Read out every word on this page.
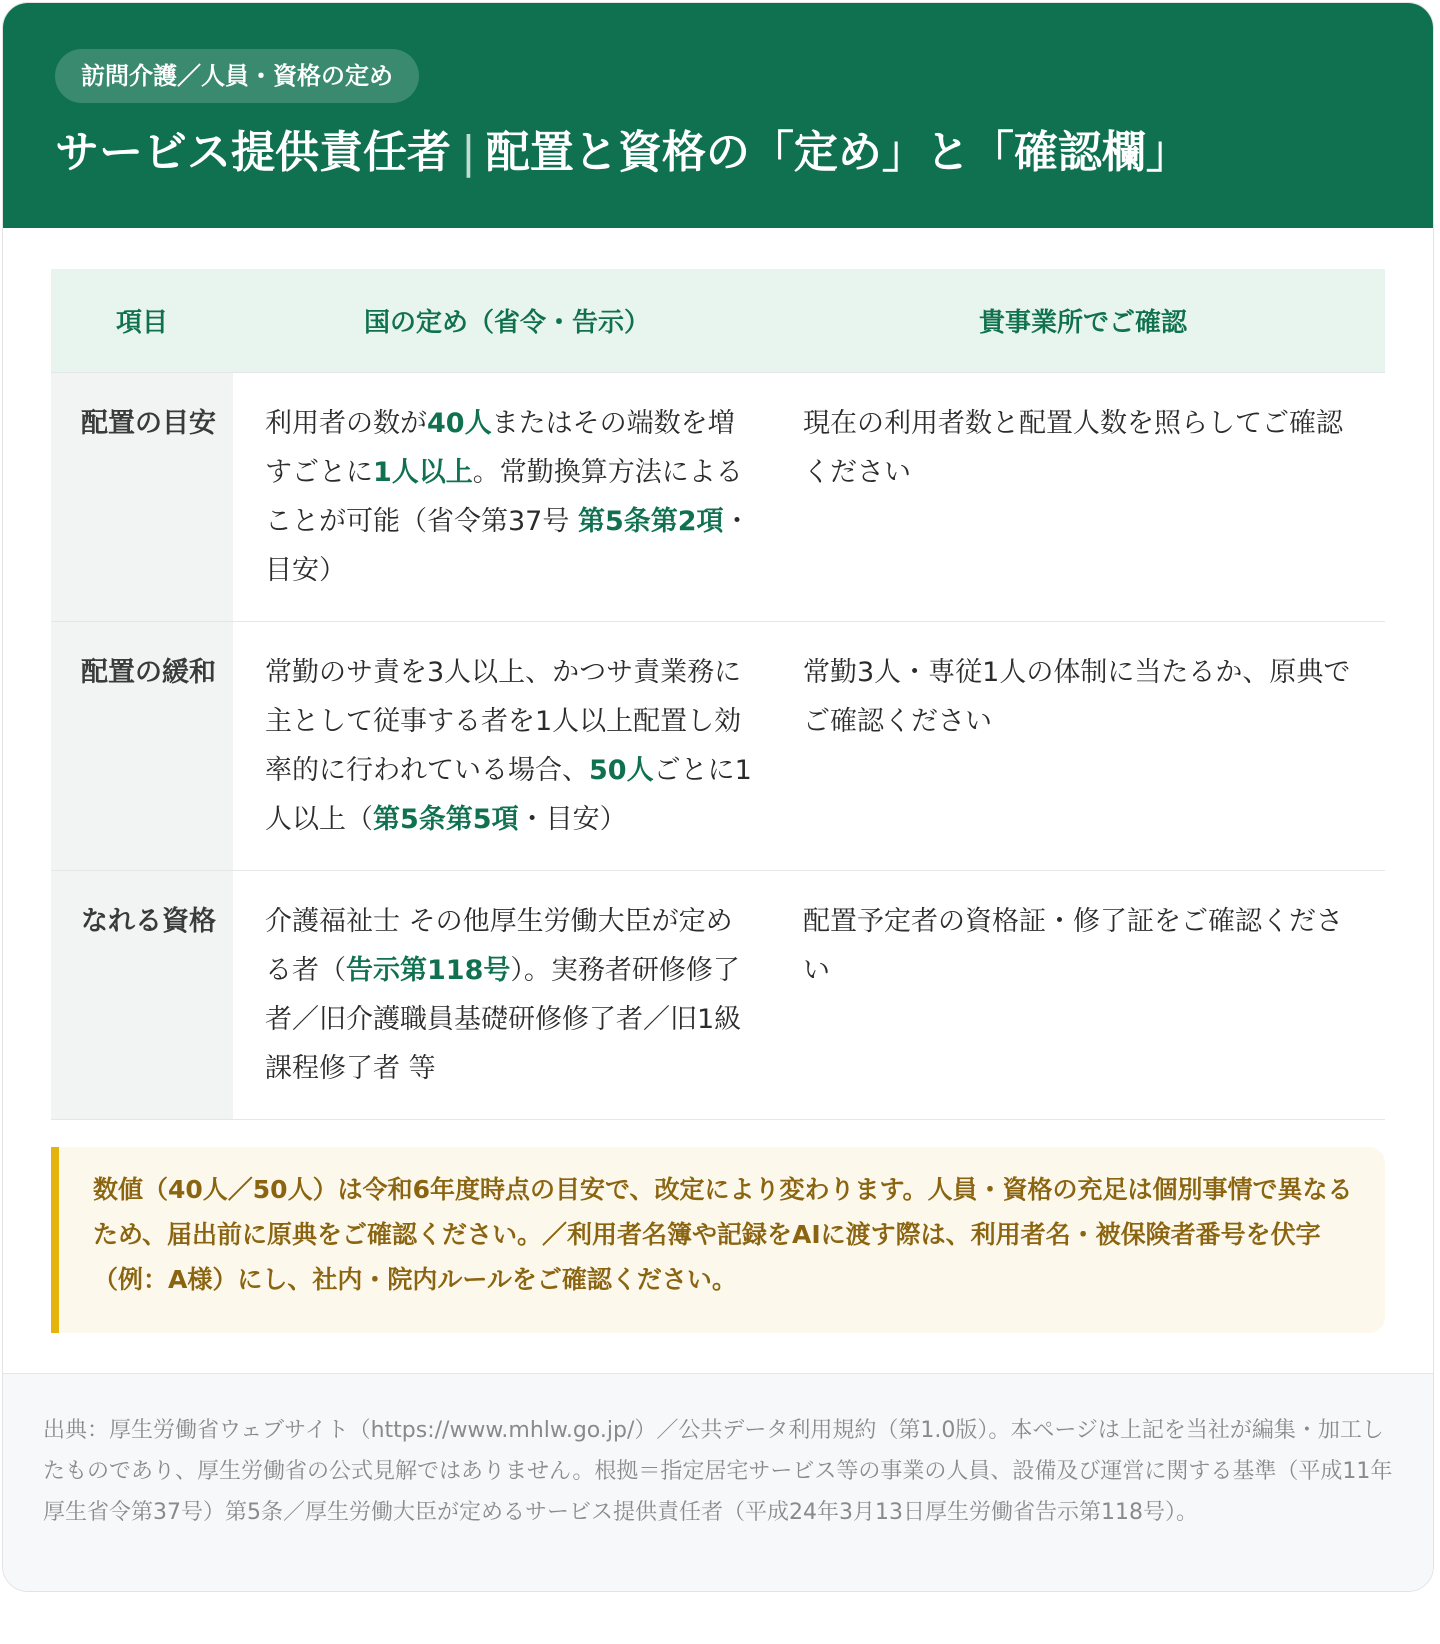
訪問介護／人員・資格の定め
サービス提供責任者 | 配置と資格の「定め」と「確認欄」
項目	国の定め（省令・告示）	貴事業所でご確認
配置の目安	利用者の数が40人またはその端数を増すごとに1人以上。常勤換算方法によることが可能（省令第37号 第5条第2項・目安）	現在の利用者数と配置人数を照らしてご確認ください
配置の緩和	常勤のサ責を3人以上、かつサ責業務に主として従事する者を1人以上配置し効率的に行われている場合、50人ごとに1人以上（第5条第5項・目安）	常勤3人・専従1人の体制に当たるか、原典でご確認ください
なれる資格	介護福祉士 その他厚生労働大臣が定める者（告示第118号）。実務者研修修了者／旧介護職員基礎研修修了者／旧1級課程修了者 等	配置予定者の資格証・修了証をご確認ください
数値（40人／50人）は令和6年度時点の目安で、改定により変わります。人員・資格の充足は個別事情で異なるため、届出前に原典をご確認ください。／利用者名簿や記録をAIに渡す際は、利用者名・被保険者番号を伏字（例：A様）にし、社内・院内ルールをご確認ください。
出典：厚生労働省ウェブサイト（https://www.mhlw.go.jp/）／公共データ利用規約（第1.0版）。本ページは上記を当社が編集・加工したものであり、厚生労働省の公式見解ではありません。根拠＝指定居宅サービス等の事業の人員、設備及び運営に関する基準（平成11年厚生省令第37号）第5条／厚生労働大臣が定めるサービス提供責任者（平成24年3月13日厚生労働省告示第118号）。
